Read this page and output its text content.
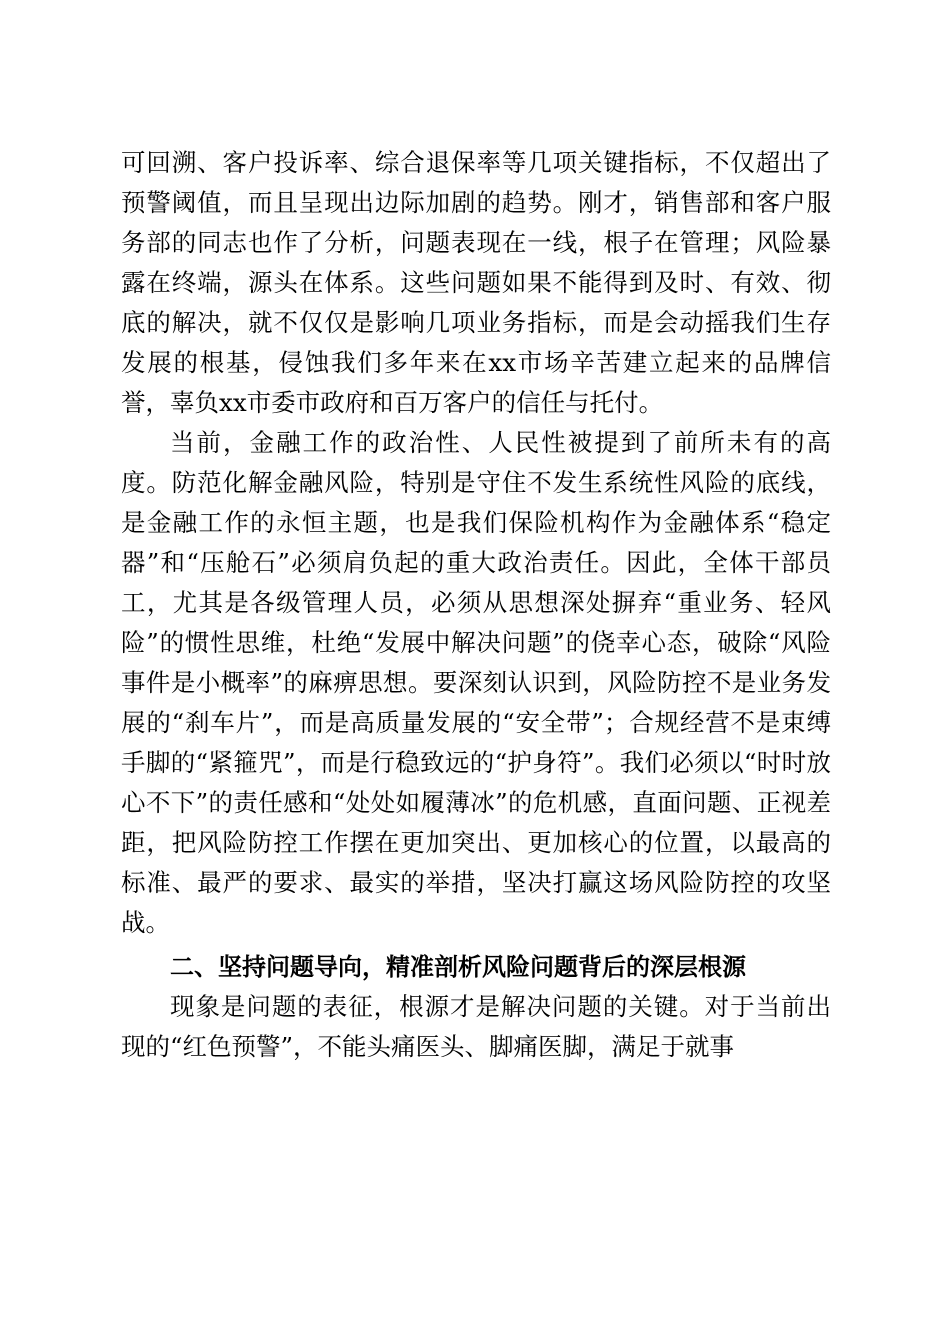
可回溯、客户投诉率、综合退保率等几项关键指标，不仅超出了预警阈值，而且呈现出边际加剧的趋势。刚才，销售部和客户服务部的同志也作了分析，问题表现在一线，根子在管理；风险暴露在终端，源头在体系。这些问题如果不能得到及时、有效、彻底的解决，就不仅仅是影响几项业务指标，而是会动摇我们生存发展的根基，侵蚀我们多年来在xx市场辛苦建立起来的品牌信誉，辜负xx市委市政府和百万客户的信任与托付。

当前，金融工作的政治性、人民性被提到了前所未有的高度。防范化解金融风险，特别是守住不发生系统性风险的底线，是金融工作的永恒主题，也是我们保险机构作为金融体系“稳定器”和“压舱石”必须肩负起的重大政治责任。因此，全体干部员工，尤其是各级管理人员，必须从思想深处摒弃“重业务、轻风险”的惯性思维，杜绝“发展中解决问题”的侥幸心态，破除“风险事件是小概率”的麻痹思想。要深刻认识到，风险防控不是业务发展的“刹车片”，而是高质量发展的“安全带”；合规经营不是束缚手脚的“紧箍咒”，而是行稳致远的“护身符”。我们必须以“时时放心不下”的责任感和“处处如履薄冰”的危机感，直面问题、正视差距，把风险防控工作摆在更加突出、更加核心的位置，以最高的标准、最严的要求、最实的举措，坚决打赢这场风险防控的攻坚战。

二、坚持问题导向，精准剖析风险问题背后的深层根源

现象是问题的表征，根源才是解决问题的关键。对于当前出现的“红色预警”，不能头痛医头、脚痛医脚，满足于就事
